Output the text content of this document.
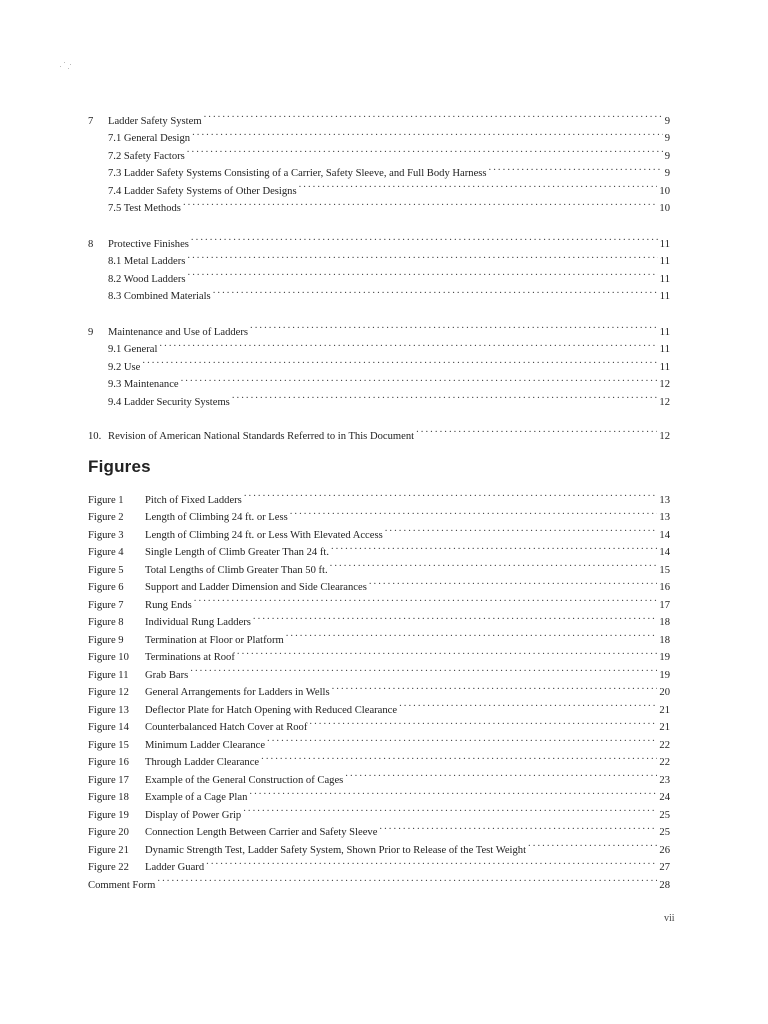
7	Ladder Safety System . . .	9
7.1 General Design . . .	9
7.2 Safety Factors . . .	9
7.3 Ladder Safety Systems Consisting of a Carrier, Safety Sleeve, and Full Body Harness . . .	9
7.4 Ladder Safety Systems of Other Designs . . .	10
7.5 Test Methods . . .	10
8	Protective Finishes . . .	11
8.1 Metal Ladders . . .	11
8.2 Wood Ladders . . .	11
8.3 Combined Materials . . .	11
9	Maintenance and Use of Ladders . . .	11
9.1 General . . .	11
9.2 Use . . .	11
9.3 Maintenance . . .	12
9.4 Ladder Security Systems . . .	12
10. Revision of American National Standards Referred to in This Document . . .	12
Figures
Figure 1	Pitch of Fixed Ladders . . .	13
Figure 2	Length of Climbing 24 ft. or Less . . .	13
Figure 3	Length of Climbing 24 ft. or Less With Elevated Access . . .	14
Figure 4	Single Length of Climb Greater Than 24 ft. . . .	14
Figure 5	Total Lengths of Climb Greater Than 50 ft. . . .	15
Figure 6	Support and Ladder Dimension and Side Clearances . . .	16
Figure 7	Rung Ends . . .	17
Figure 8	Individual Rung Ladders . . .	18
Figure 9	Termination at Floor or Platform . . .	18
Figure 10	Terminations at Roof . . .	19
Figure 11	Grab Bars . . .	19
Figure 12	General Arrangements for Ladders in Wells . . .	20
Figure 13	Deflector Plate for Hatch Opening with Reduced Clearance . . .	21
Figure 14	Counterbalanced Hatch Cover at Roof . . .	21
Figure 15	Minimum Ladder Clearance . . .	22
Figure 16	Through Ladder Clearance . . .	22
Figure 17	Example of the General Construction of Cages . . .	23
Figure 18	Example of a Cage Plan . . .	24
Figure 19	Display of Power Grip . . .	25
Figure 20	Connection Length Between Carrier and Safety Sleeve . . .	25
Figure 21	Dynamic Strength Test, Ladder Safety System, Shown Prior to Release of the Test Weight . . .	26
Figure 22	Ladder Guard . . .	27
Comment Form . . .	28
vii
